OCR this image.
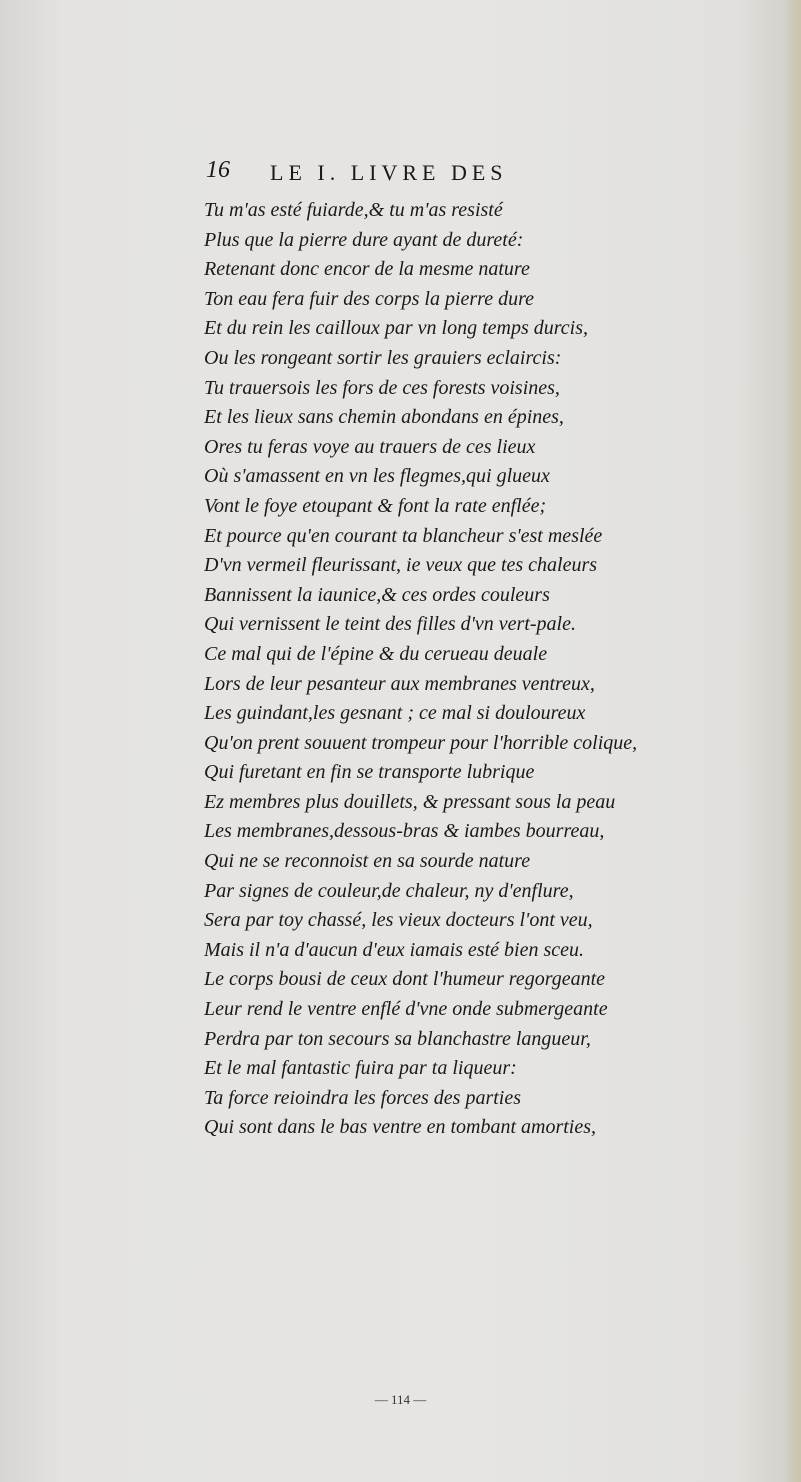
16 LE I. LIVRE DES
Tu m'as esté fuiarde,& tu m'as resisté
Plus que la pierre dure ayant de dureté:
Retenant donc encor de la mesme nature
Ton eau fera fuir des corps la pierre dure
Et du rein les cailloux par vn long temps durcis,
Ou les rongeant sortir les grauiers eclaircis:
Tu trauersois les fors de ces forests voisines,
Et les lieux sans chemin abondans en épines,
Ores tu feras voye au trauers de ces lieux
Où s'amassent en vn les flegmes,qui glueux
Vont le foye etoupant & font la rate enflée;
Et pource qu'en courant ta blancheur s'est meslée
D'vn vermeil fleurissant, ie veux que tes chaleurs
Bannissent la iaunice,& ces ordes couleurs
Qui vernissent le teint des filles d'vn vert-pale.
Ce mal qui de l'épine & du cerueau deuale
Lors de leur pesanteur aux membranes ventreux,
Les guindant,les gesnant ; ce mal si douloureux
Qu'on prent souuent trompeur pour l'horrible colique,
Qui furetant en fin se transporte lubrique
Ez membres plus douillets, & pressant sous la peau
Les membranes,dessous-bras & iambes bourreau,
Qui ne se reconnoist en sa sourde nature
Par signes de couleur,de chaleur, ny d'enflure,
Sera par toy chassé, les vieux docteurs l'ont veu,
Mais il n'a d'aucun d'eux iamais esté bien sceu.
Le corps bousi de ceux dont l'humeur regorgeante
Leur rend le ventre enflé d'vne onde submergeante
Perdra par ton secours sa blanchastre langueur,
Et le mal fantastic fuira par ta liqueur:
Ta force reioindra les forces des parties
Qui sont dans le bas ventre en tombant amorties,
— 114 —
